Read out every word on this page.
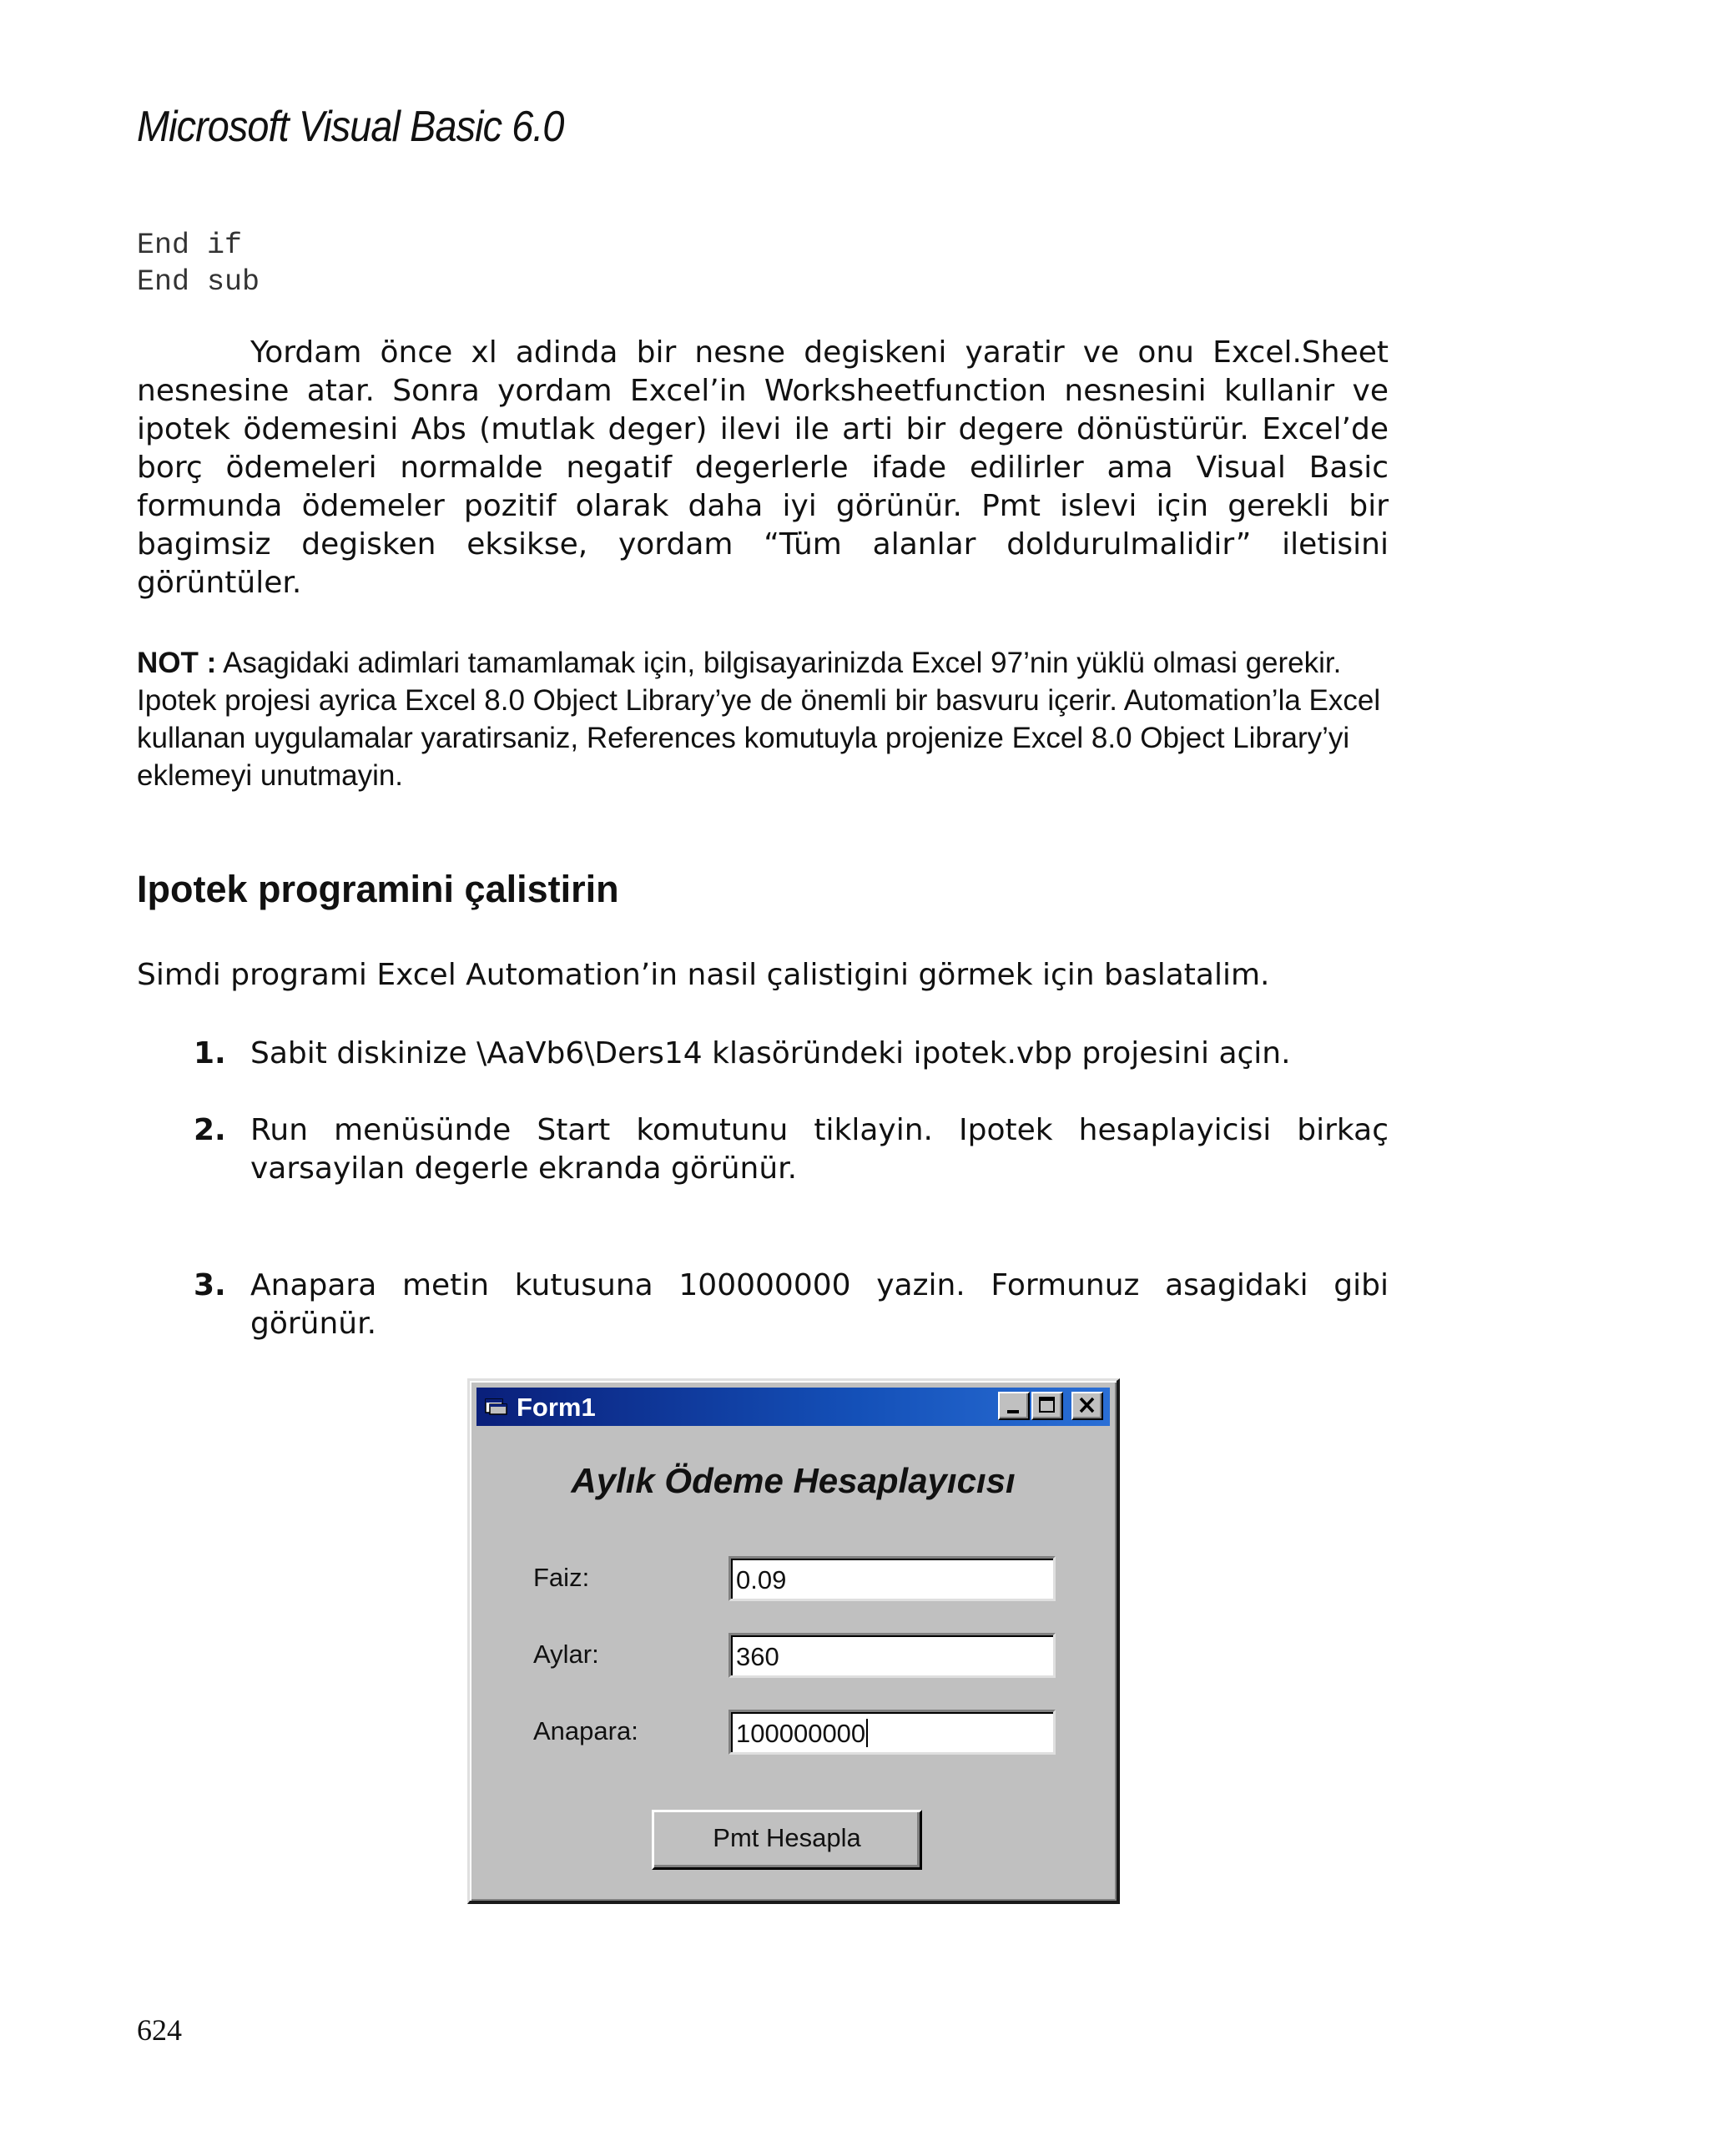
Microsoft Visual Basic 6.0
End if
End sub

Yordam önce xl adinda bir nesne degiskeni yaratir ve onu Excel.Sheet nesnesine atar. Sonra yordam Excel’in Worksheetfunction nesnesini kullanir ve ipotek ödemesini Abs (mutlak deger) ilevi ile arti bir degere dönüstürür. Excel’de borç ödemeleri normalde negatif degerlerle ifade edilirler ama Visual Basic formunda ödemeler pozitif olarak daha iyi görünür. Pmt islevi için gerekli bir bagimsiz degisken eksikse, yordam “Tüm alanlar doldurulmalidir” iletisini görüntüler.

NOT : Asagidaki adimlari tamamlamak için, bilgisayarinizda Excel 97’nin yüklü olmasi gerekir. Ipotek projesi ayrica Excel 8.0 Object Library’ye de önemli bir basvuru içerir. Automation’la Excel kullanan uygulamalar yaratirsaniz, References komutuyla projenize Excel 8.0 Object Library’yi eklemeyi unutmayin.

Ipotek programini çalistirin

Simdi programi Excel Automation’in nasil çalistigini görmek için baslatalim.

1. Sabit diskinize \AaVb6\Ders14 klasöründeki ipotek.vbp projesini açin.
2. Run menüsünde Start komutunu tiklayin. Ipotek hesaplayicisi birkaç varsayilan degerle ekranda görünür.
3. Anapara metin kutusuna 100000000 yazin. Formunuz asagidaki gibi görünür.
Form1
Aylık Ödeme Hesaplayıcısı
Faiz:	0.09
Aylar:	360
Anapara:	100000000
Pmt Hesapla
624
